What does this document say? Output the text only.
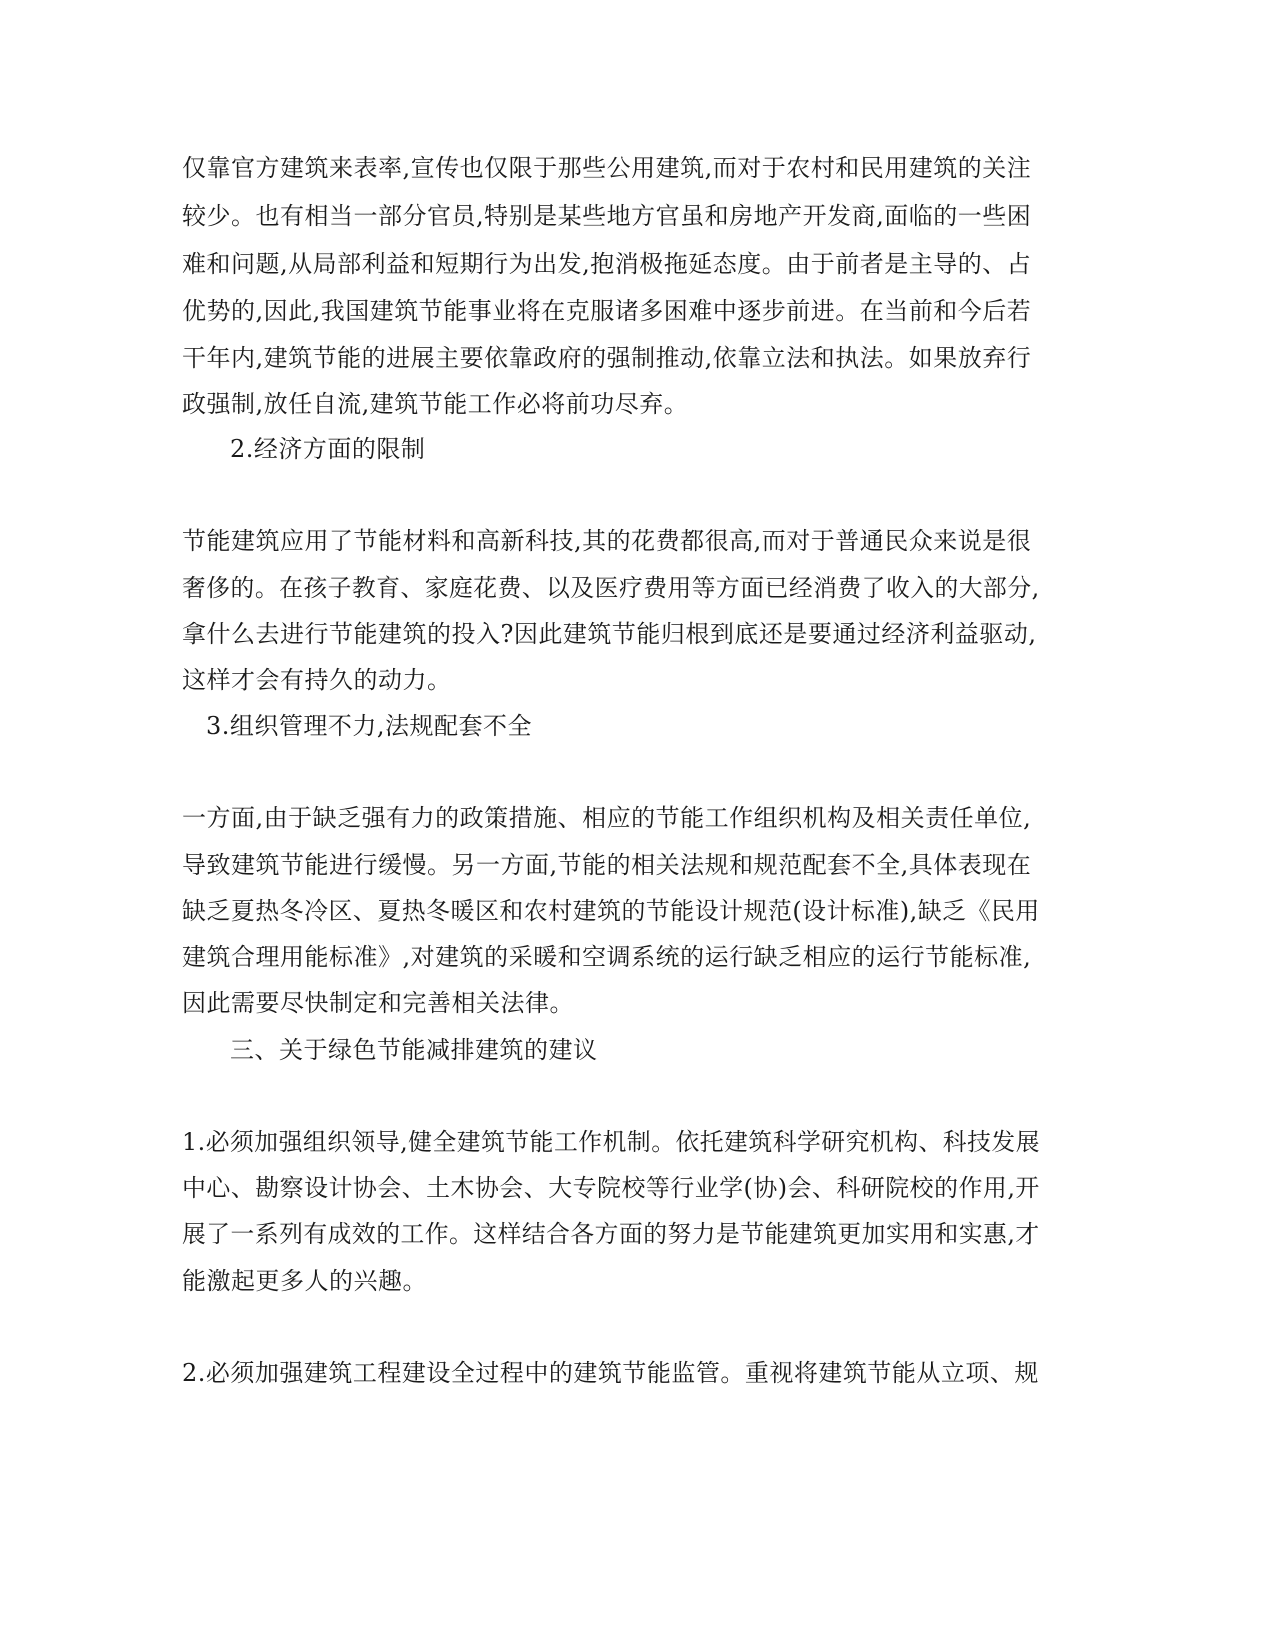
仅靠官方建筑来表率,宣传也仅限于那些公用建筑,而对于农村和民用建筑的关注
较少。也有相当一部分官员,特别是某些地方官虽和房地产开发商,面临的一些困
难和问题,从局部利益和短期行为出发,抱消极拖延态度。由于前者是主导的、占
优势的,因此,我国建筑节能事业将在克服诸多困难中逐步前进。在当前和今后若
干年内,建筑节能的进展主要依靠政府的强制推动,依靠立法和执法。如果放弃行
政强制,放任自流,建筑节能工作必将前功尽弃。
2.经济方面的限制
节能建筑应用了节能材料和高新科技,其的花费都很高,而对于普通民众来说是很
奢侈的。在孩子教育、家庭花费、以及医疗费用等方面已经消费了收入的大部分,
拿什么去进行节能建筑的投入?因此建筑节能归根到底还是要通过经济利益驱动,
这样才会有持久的动力。
3.组织管理不力,法规配套不全
一方面,由于缺乏强有力的政策措施、相应的节能工作组织机构及相关责任单位,
导致建筑节能进行缓慢。另一方面,节能的相关法规和规范配套不全,具体表现在
缺乏夏热冬冷区、夏热冬暖区和农村建筑的节能设计规范(设计标准),缺乏《民用
建筑合理用能标准》,对建筑的采暖和空调系统的运行缺乏相应的运行节能标准,
因此需要尽快制定和完善相关法律。
三、关于绿色节能减排建筑的建议
1.必须加强组织领导,健全建筑节能工作机制。依托建筑科学研究机构、科技发展
中心、勘察设计协会、土木协会、大专院校等行业学(协)会、科研院校的作用,开
展了一系列有成效的工作。这样结合各方面的努力是节能建筑更加实用和实惠,才
能激起更多人的兴趣。
2.必须加强建筑工程建设全过程中的建筑节能监管。重视将建筑节能从立项、规
